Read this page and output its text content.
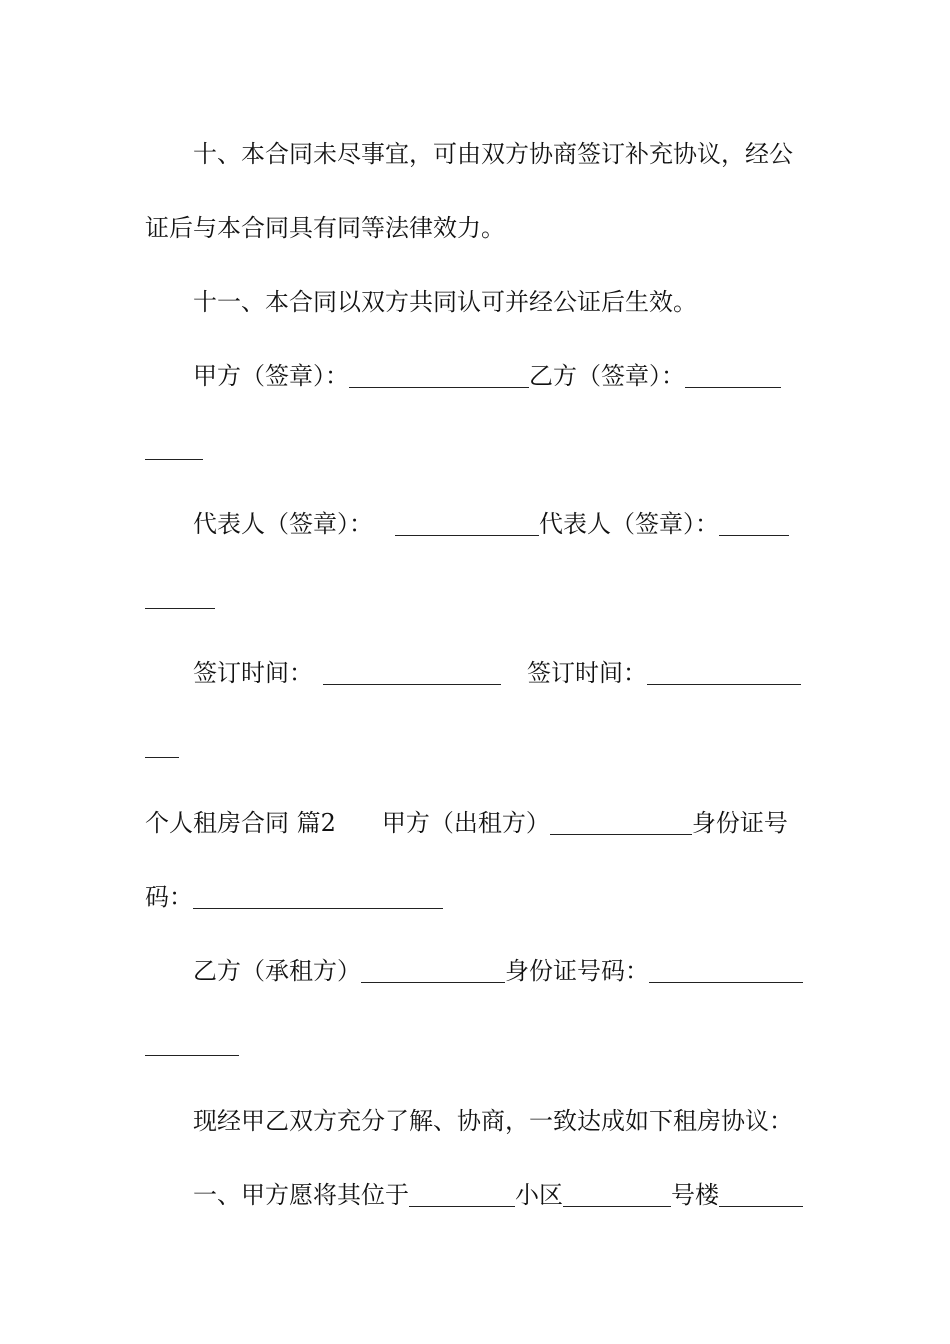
十、本合同未尽事宜，可由双方协商签订补充协议，经公
证后与本合同具有同等法律效力。
十一、本合同以双方共同认可并经公证后生效。
甲方（签章）：	乙方（签章）：
代表人（签章）：	代表人（签章）：
签订时间：	签订时间：
个人租房合同 篇2 甲方（出租方）	身份证号
码：
乙方（承租方）	身份证号码：
现经甲乙双方充分了解、协商，一致达成如下租房协议：
一、甲方愿将其位于	小区	号楼
